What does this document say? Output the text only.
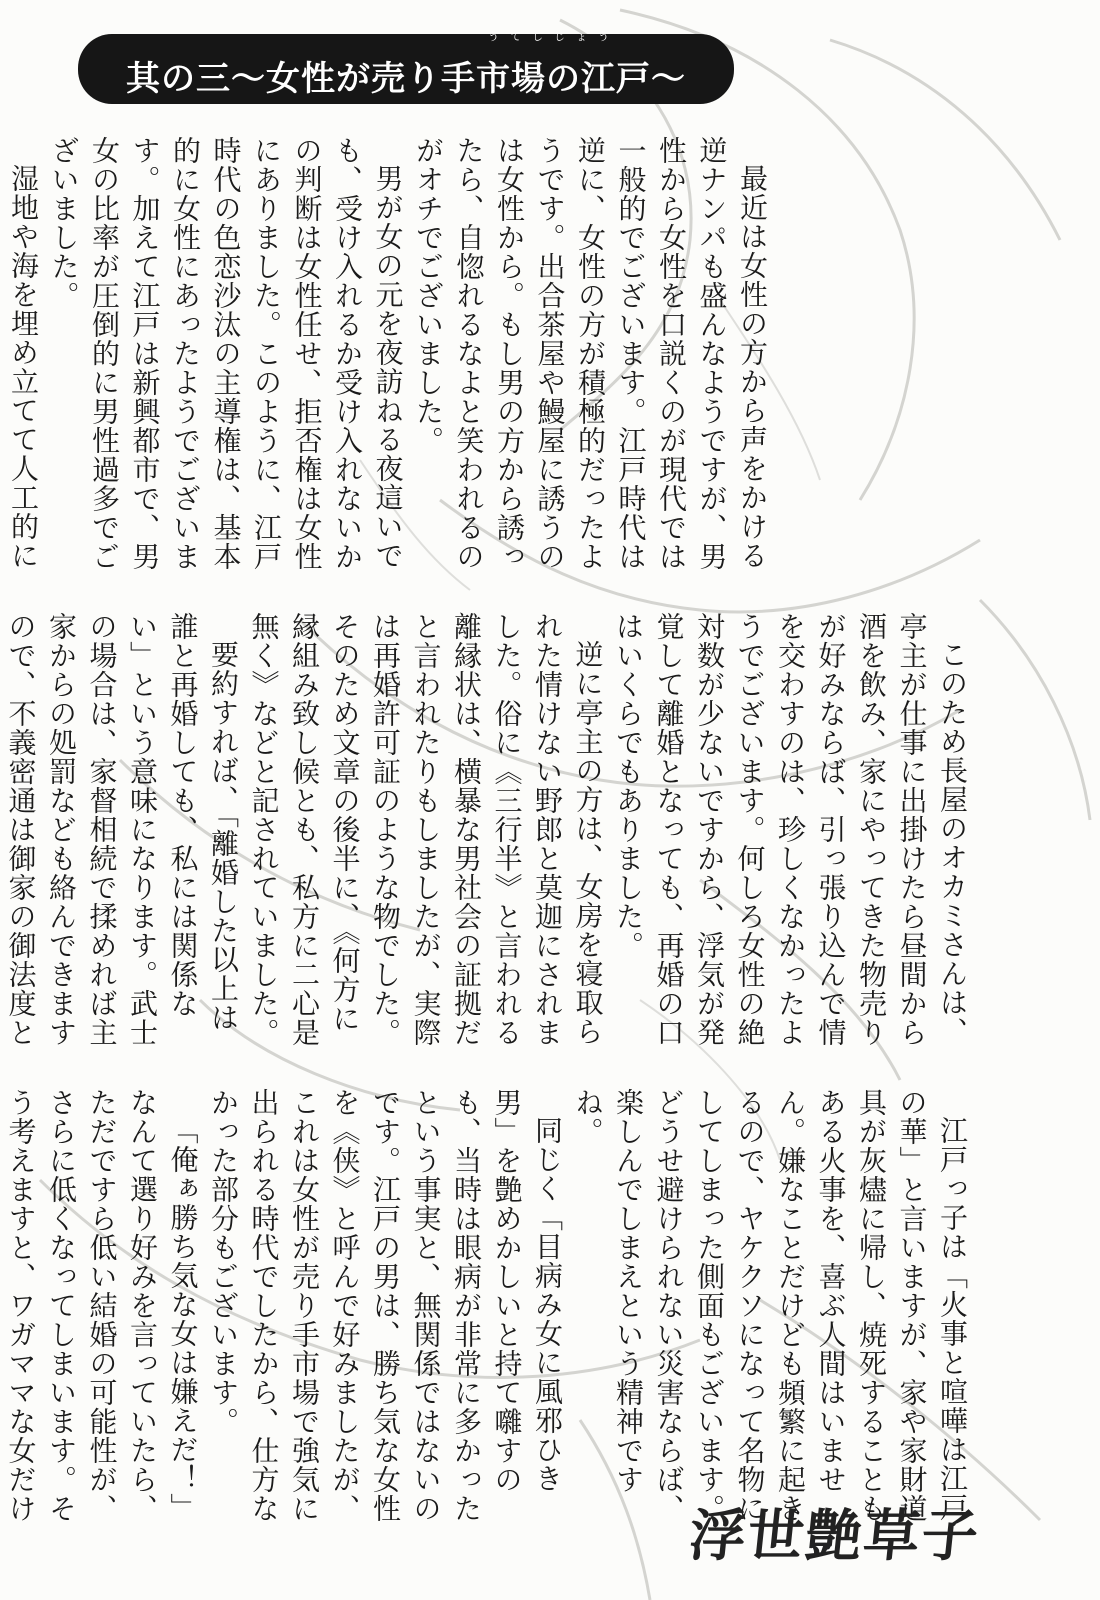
其の三〜女性が売り手市場の江戸〜
うてしじょう

最近は女性の方から声をかける逆ナンパも盛んなようですが、男性から女性を口説くのが現代では一般的でございます。江戸時代は逆に、女性の方が積極的だったようです。出合茶屋や鰻屋に誘うのは女性から。もし男の方から誘ったら、自惚れるなよと笑われるのがオチでございました。

男が女の元を夜訪ねる夜這いでも、受け入れるか受け入れないかの判断は女性任せ、拒否権は女性にありました。このように、江戸時代の色恋沙汰の主導権は、基本的に女性にあったようでございます。加えて江戸は新興都市で、男女の比率が圧倒的に男性過多でございました。

湿地や海を埋め立てて人工的に

このため長屋のオカミさんは、亭主が仕事に出掛けたら昼間から酒を飲み、家にやってきた物売りが好みならば、引っ張り込んで情を交わすのは、珍しくなかったようでございます。何しろ女性の絶対数が少ないですから、浮気が発覚して離婚となっても、再婚の口はいくらでもありました。

逆に亭主の方は、女房を寝取られた情けない野郎と莫迦にされました。俗に《三行半》と言われる離縁状は、横暴な男社会の証拠だと言われたりもしましたが、実際は再婚許可証のような物でした。そのため文章の後半に、《何方に縁組み致し候とも、私方に二心是無く》などと記されていました。

要約すれば、「離婚した以上は誰と再婚しても、私には関係ない」という意味になります。武士の場合は、家督相続で揉めれば主家からの処罰なども絡んできますので、不義密通は御家の御法度と

江戸っ子は「火事と喧嘩は江戸の華」と言いますが、家や家財道具が灰燼に帰し、焼死することもある火事を、喜ぶ人間はいません。嫌なことだけども頻繁に起きるので、ヤケクソになって名物にしてしまった側面もございます。どうせ避けられない災害ならば、楽しんでしまえという精神ですね。

同じく「目病み女に風邪ひき男」を艶めかしいと持て囃すのも、当時は眼病が非常に多かったという事実と、無関係ではないのです。江戸の男は、勝ち気な女性を《侠》と呼んで好みましたが、これは女性が売り手市場で強気に出られる時代でしたから、仕方なかった部分もございます。

「俺ぁ勝ち気な女は嫌えだ！」なんて選り好みを言っていたら、ただですら低い結婚の可能性が、さらに低くなってしまいます。そう考えますと、ワガママな女だけ	浮世艶草子
